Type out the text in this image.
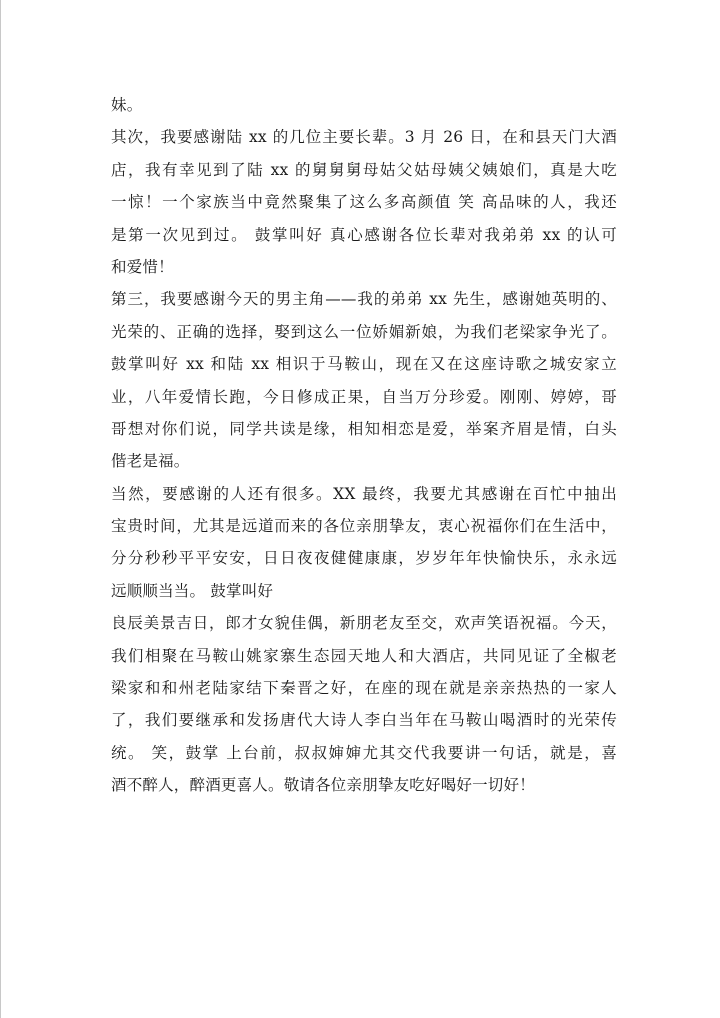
妹。
其次，我要感谢陆 xx 的几位主要长辈。3 月 26 日，在和县天门大酒
店，我有幸见到了陆 xx 的舅舅舅母姑父姑母姨父姨娘们，真是大吃
一惊！一个家族当中竟然聚集了这么多高颜值 笑 高品味的人，我还
是第一次见到过。 鼓掌叫好 真心感谢各位长辈对我弟弟 xx 的认可
和爱惜！
第三，我要感谢今天的男主角——我的弟弟 xx 先生，感谢她英明的、
光荣的、正确的选择，娶到这么一位娇媚新娘，为我们老梁家争光了。
鼓掌叫好 xx 和陆 xx 相识于马鞍山，现在又在这座诗歌之城安家立
业，八年爱情长跑，今日修成正果，自当万分珍爱。刚刚、婷婷，哥
哥想对你们说，同学共读是缘，相知相恋是爱，举案齐眉是情，白头
偕老是福。
当然，要感谢的人还有很多。XX 最终，我要尤其感谢在百忙中抽出
宝贵时间，尤其是远道而来的各位亲朋挚友，衷心祝福你们在生活中，
分分秒秒平平安安，日日夜夜健健康康，岁岁年年快愉快乐，永永远
远顺顺当当。 鼓掌叫好
良辰美景吉日，郎才女貌佳偶，新朋老友至交，欢声笑语祝福。今天，
我们相聚在马鞍山姚家寨生态园天地人和大酒店，共同见证了全椒老
梁家和和州老陆家结下秦晋之好，在座的现在就是亲亲热热的一家人
了，我们要继承和发扬唐代大诗人李白当年在马鞍山喝酒时的光荣传
统。 笑，鼓掌 上台前，叔叔婶婶尤其交代我要讲一句话，就是，喜
酒不醉人，醉酒更喜人。敬请各位亲朋挚友吃好喝好一切好！
